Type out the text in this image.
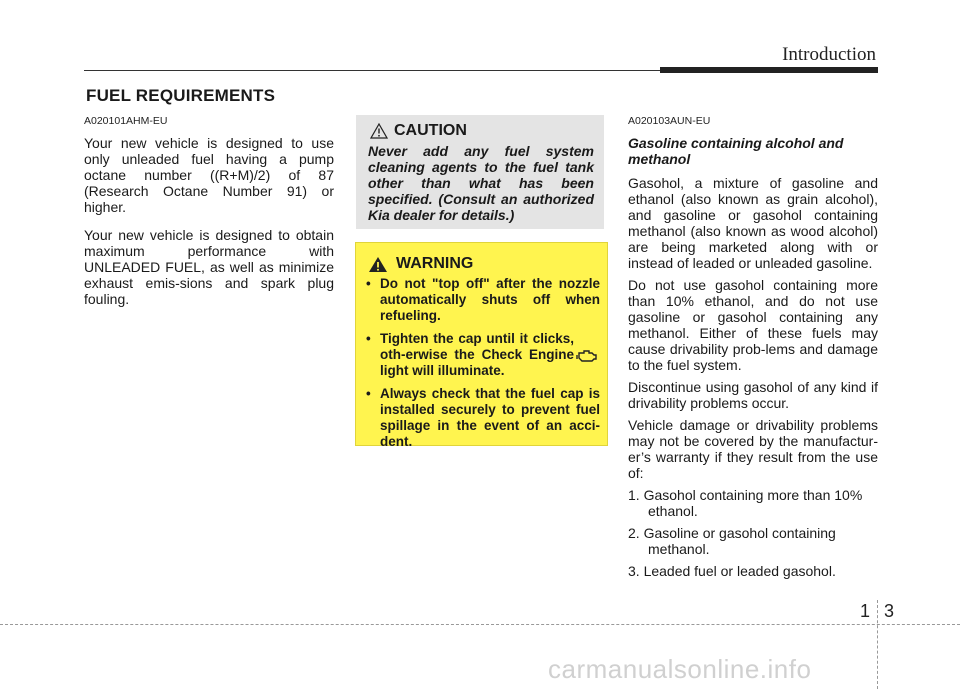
Introduction
FUEL REQUIREMENTS
A020101AHM-EU

Your new vehicle is designed to use only unleaded fuel having a pump octane number ((R+M)/2) of 87 (Research Octane Number 91) or higher.

Your new vehicle is designed to obtain maximum performance with UNLEADED FUEL, as well as minimize exhaust emis-sions and spark plug fouling.

CAUTION
Never add any fuel system cleaning agents to the fuel tank other than what has been specified. (Consult an authorized Kia dealer for details.)
WARNING
• Do not "top off" after the nozzle automatically shuts off when refueling.
• Tighten the cap until it clicks, oth-erwise the Check Engine light will illuminate.
• Always check that the fuel cap is installed securely to prevent fuel spillage in the event of an acci-dent.
A020103AUN-EU
Gasoline containing alcohol and methanol

Gasohol, a mixture of gasoline and ethanol (also known as grain alcohol), and gasoline or gasohol containing methanol (also known as wood alcohol) are being marketed along with or instead of leaded or unleaded gasoline.

Do not use gasohol containing more than 10% ethanol, and do not use gasoline or gasohol containing any methanol. Either of these fuels may cause drivability prob-lems and damage to the fuel system.

Discontinue using gasohol of any kind if drivability problems occur.

Vehicle damage or drivability problems may not be covered by the manufactur-er’s warranty if they result from the use of:

1. Gasohol containing more than 10% ethanol.
2. Gasoline or gasohol containing methanol.
3. Leaded fuel or leaded gasohol.
1 3
carmanualsonline.info
